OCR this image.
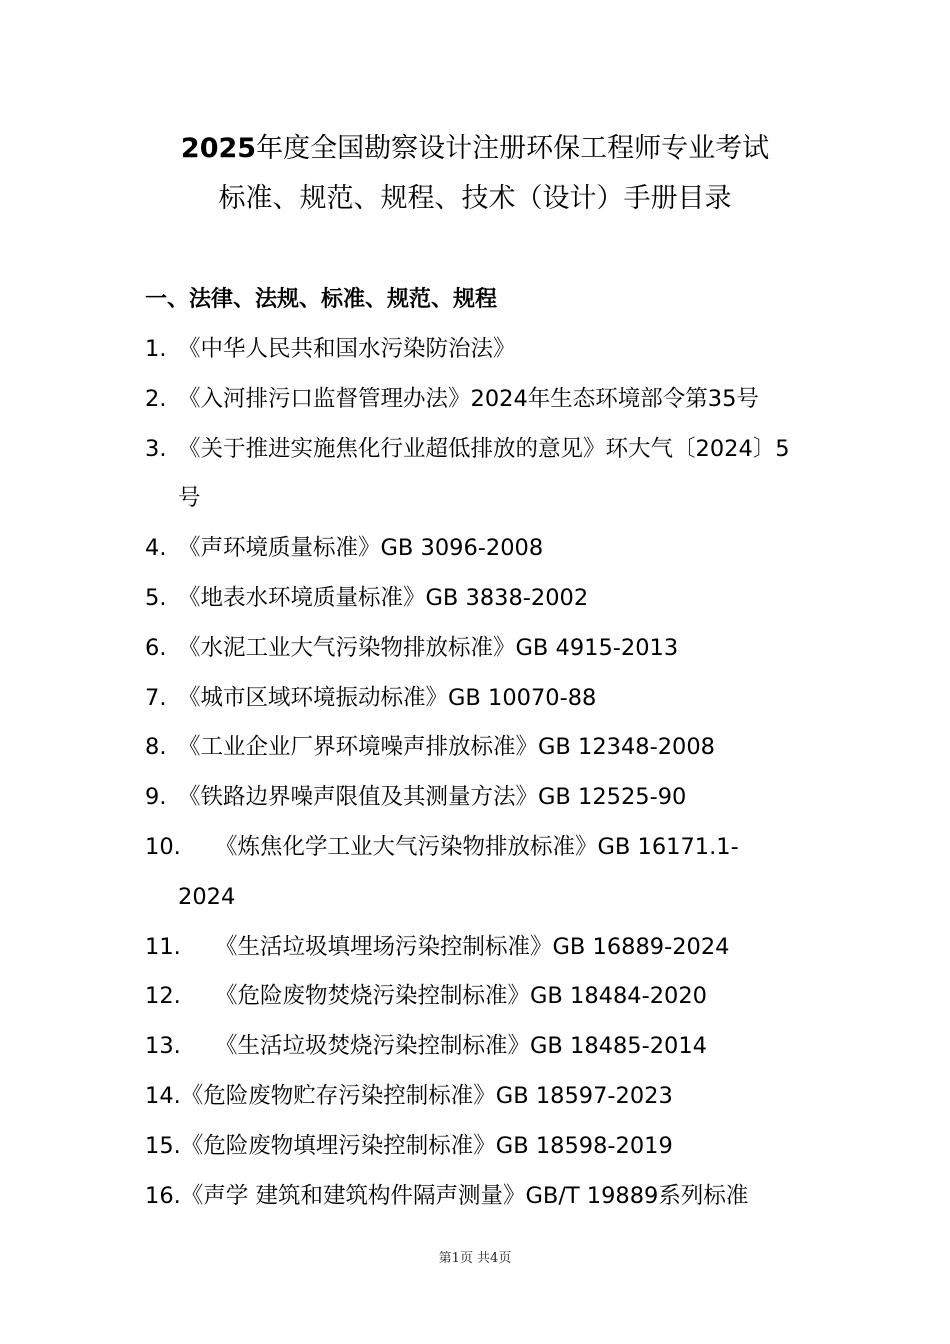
2025年度全国勘察设计注册环保工程师专业考试
标准、规范、规程、技术（设计）手册目录
一、法律、法规、标准、规范、规程
1. 《中华人民共和国水污染防治法》
2. 《入河排污口监督管理办法》2024年生态环境部令第35号
3. 《关于推进实施焦化行业超低排放的意见》环大气〔2024〕5
号
4. 《声环境质量标准》GB 3096-2008
5. 《地表水环境质量标准》GB 3838-2002
6. 《水泥工业大气污染物排放标准》GB 4915-2013
7. 《城市区域环境振动标准》GB 10070-88
8. 《工业企业厂界环境噪声排放标准》GB 12348-2008
9. 《铁路边界噪声限值及其测量方法》GB 12525-90
10.	《炼焦化学工业大气污染物排放标准》GB 16171.1-
2024
11.	《生活垃圾填埋场污染控制标准》GB 16889-2024
12.	《危险废物焚烧污染控制标准》GB 18484-2020
13.	《生活垃圾焚烧污染控制标准》GB 18485-2014
14. 《危险废物贮存污染控制标准》GB 18597-2023
15. 《危险废物填埋污染控制标准》GB 18598-2019
16. 《声学 建筑和建筑构件隔声测量》GB/T 19889系列标准
第1页 共4页
